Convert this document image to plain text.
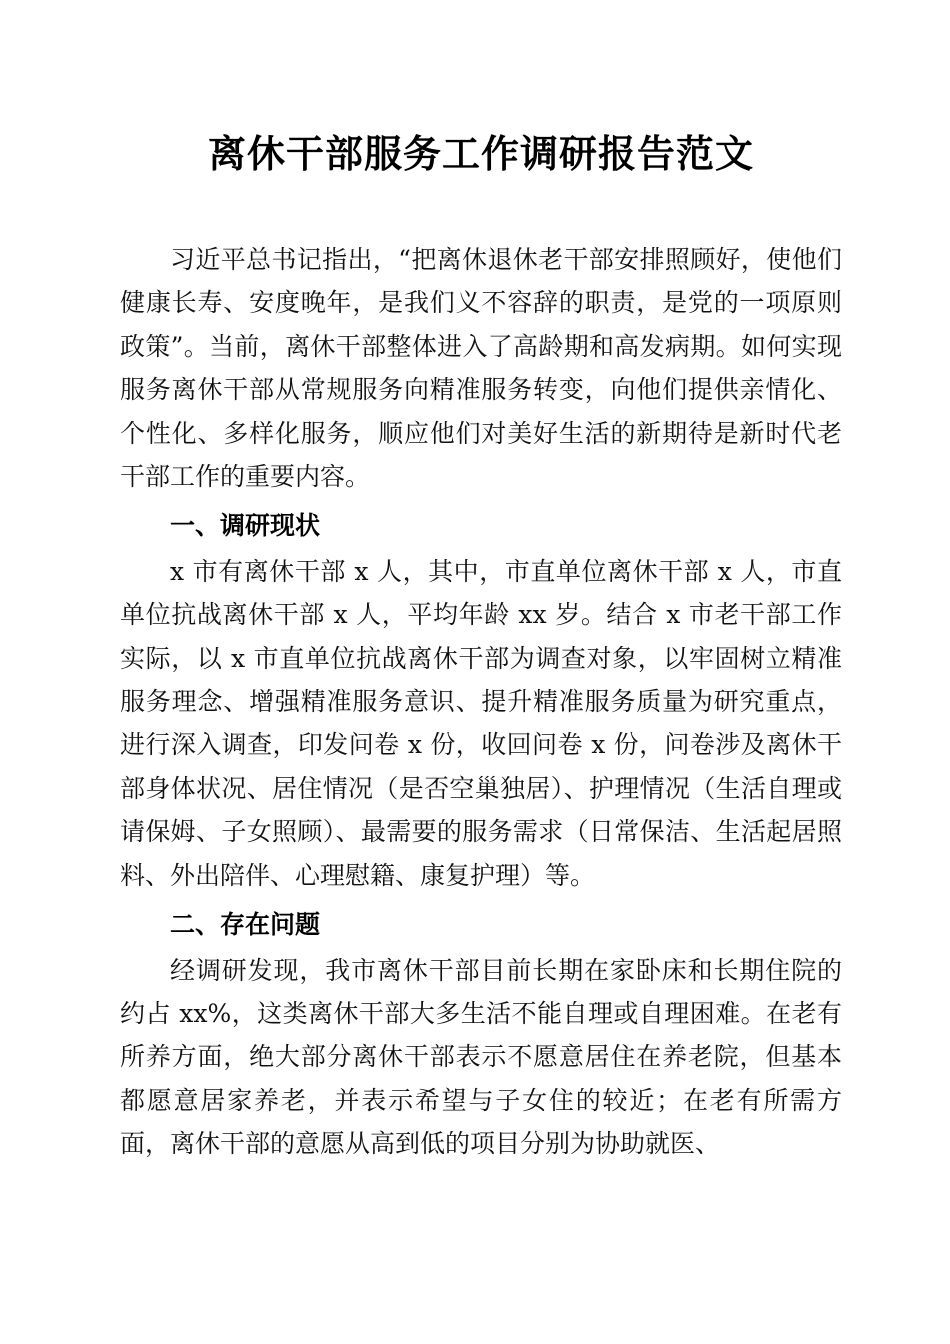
离休干部服务工作调研报告范文

习近平总书记指出，“把离休退休老干部安排照顾好，使他们健康长寿、安度晚年，是我们义不容辞的职责，是党的一项原则政策”。当前，离休干部整体进入了高龄期和高发病期。如何实现服务离休干部从常规服务向精准服务转变，向他们提供亲情化、个性化、多样化服务，顺应他们对美好生活的新期待是新时代老干部工作的重要内容。

一、调研现状

x 市有离休干部 x 人，其中，市直单位离休干部 x 人，市直单位抗战离休干部 x 人，平均年龄 xx 岁。结合 x 市老干部工作实际，以 x 市直单位抗战离休干部为调查对象，以牢固树立精准服务理念、增强精准服务意识、提升精准服务质量为研究重点，进行深入调查，印发问卷 x 份，收回问卷 x 份，问卷涉及离休干部身体状况、居住情况（是否空巢独居）、护理情况（生活自理或请保姆、子女照顾）、最需要的服务需求（日常保洁、生活起居照料、外出陪伴、心理慰籍、康复护理）等。

二、存在问题

经调研发现，我市离休干部目前长期在家卧床和长期住院的约占 xx%，这类离休干部大多生活不能自理或自理困难。在老有所养方面，绝大部分离休干部表示不愿意居住在养老院，但基本都愿意居家养老，并表示希望与子女住的较近；在老有所需方面，离休干部的意愿从高到低的项目分别为协助就医、
